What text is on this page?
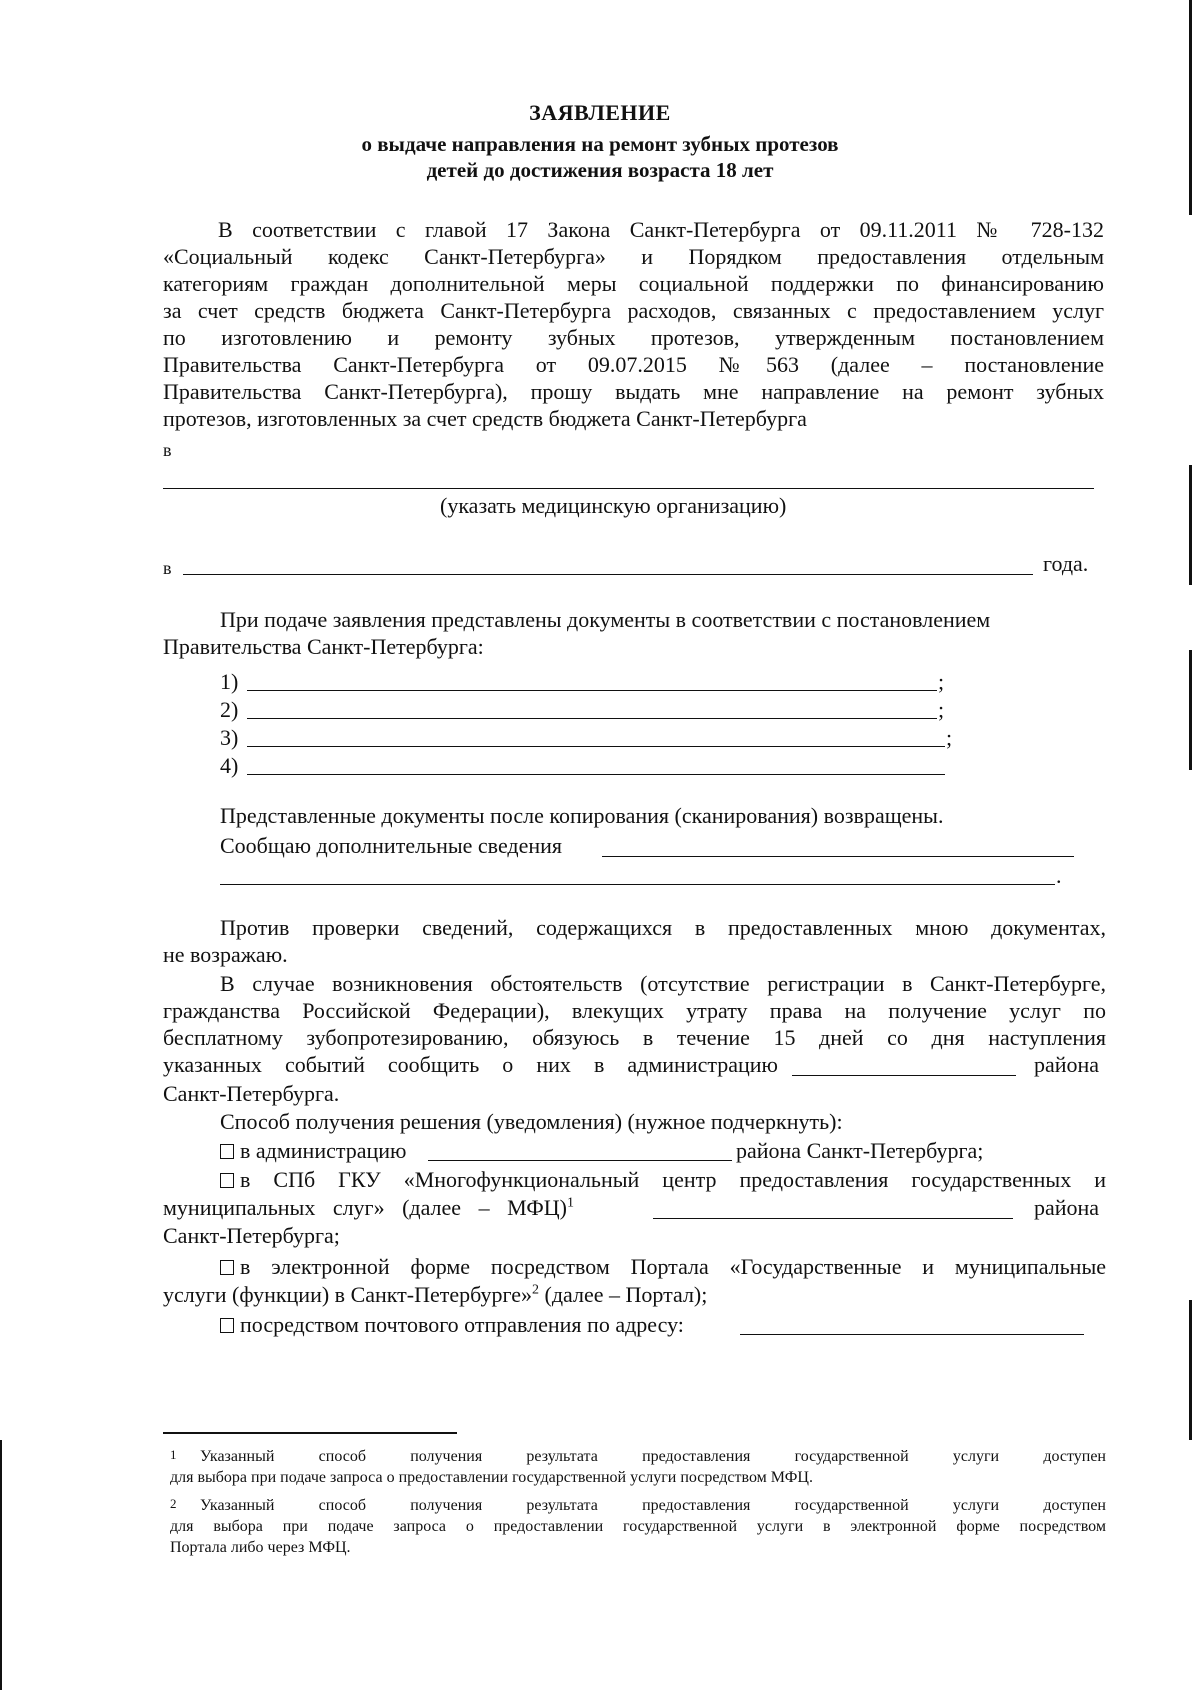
ЗАЯВЛЕНИЕ
о выдаче направления на ремонт зубных протезов
детей до достижения возраста 18 лет
В соответствии с главой 17 Закона Санкт-Петербурга от 09.11.2011 № 728-132
«Социальный кодекс Санкт-Петербурга» и Порядком предоставления отдельным
категориям граждан дополнительной меры социальной поддержки по финансированию
за счет средств бюджета Санкт-Петербурга расходов, связанных с предоставлением услуг
по изготовлению и ремонту зубных протезов, утвержденным постановлением
Правительства Санкт-Петербурга от 09.07.2015 №563 (далее – постановление
Правительства Санкт-Петербурга), прошу выдать мне направление на ремонт зубных
протезов, изготовленных за счет средств бюджета Санкт-Петербурга
в
(указать медицинскую организацию)
в	года.
При подаче заявления представлены документы в соответствии с постановлением
Правительства Санкт-Петербурга:
1)	;
2)	;
3)	;
4)
Представленные документы после копирования (сканирования) возвращены.
Сообщаю дополнительные сведения
.
Против проверки сведений, содержащихся в предоставленных мною документах,
не возражаю.
В случае возникновения обстоятельств (отсутствие регистрации в Санкт-Петербурге,
гражданства Российской Федерации), влекущих утрату права на получение услуг по
бесплатному зубопротезированию, обязуюсь в течение 15 дней со дня наступления
указанных событий сообщить о них в администрацию	района
Санкт-Петербурга.
Способ получения решения (уведомления) (нужное подчеркнуть):
в администрацию	района Санкт-Петербурга;
в СПб ГКУ «Многофункциональный центр предоставления государственных и
муниципальных слуг» (далее – МФЦ)$^1$	района
Санкт-Петербурга;
в электронной форме посредством Портала «Государственные и муниципальные
услуги (функции) в Санкт-Петербурге»$^2$ (далее – Портал);
посредством почтового отправления по адресу:
1 Указанный способ получения результата предоставления государственной услуги доступен
для выбора при подаче запроса о предоставлении государственной услуги посредством МФЦ.
2 Указанный способ получения результата предоставления государственной услуги доступен
для выбора при подаче запроса о предоставлении государственной услуги в электронной форме посредством
Портала либо через МФЦ.
